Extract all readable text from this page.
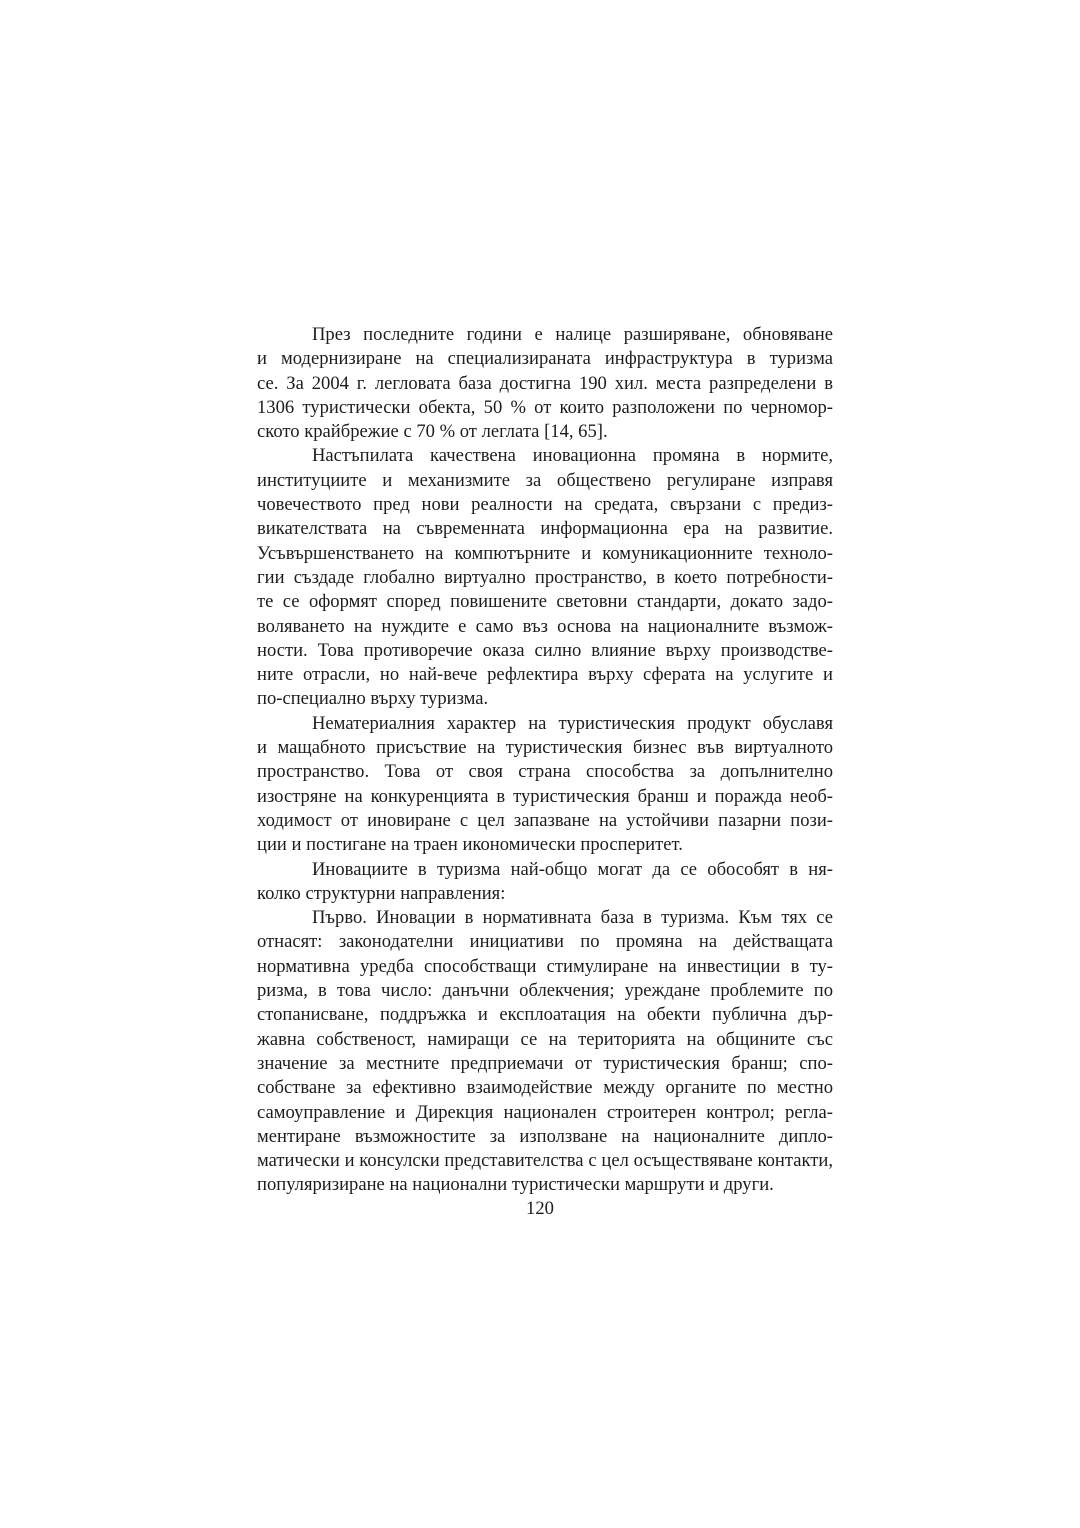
През последните години е налице разширяване, обновяване
и модернизиране на специализираната инфраструктура в туризма
се. За 2004 г. легловата база достигна 190 хил. места разпределени в
1306 туристически обекта, 50 % от които разположени по черномор-
ското крайбрежие с 70 % от леглата [14, 65].
Настъпилата качествена иновационна промяна в нормите,
институциите и механизмите за обществено регулиране изправя
човечеството пред нови реалности на средата, свързани с предиз-
викателствата на съвременната информационна ера на развитие.
Усъвършенстването на компютърните и комуникационните техноло-
гии създаде глобално виртуално пространство, в което потребности-
те се оформят според повишените световни стандарти, докато задо-
воляването на нуждите е само въз основа на националните възмож-
ности. Това противоречие оказа силно влияние върху производстве-
ните отрасли, но най-вече рефлектира върху сферата на услугите и
по-специално върху туризма.
Нематериалния характер на туристическия продукт обуславя
и мащабното присъствие на туристическия бизнес във виртуалното
пространство. Това от своя страна способства за допълнително
изостряне на конкуренцията в туристическия бранш и поражда необ-
ходимост от иновиране с цел запазване на устойчиви пазарни пози-
ции и постигане на траен икономически просперитет.
Иновациите в туризма най-общо могат да се обособят в ня-
колко структурни направления:
Първо. Иновации в нормативната база в туризма. Към тях се
отнасят: законодателни инициативи по промяна на действащата
нормативна уредба способстващи стимулиране на инвестиции в ту-
ризма, в това число: данъчни облекчения; уреждане проблемите по
стопанисване, поддръжка и експлоатация на обекти публична дър-
жавна собственост, намиращи се на територията на общините със
значение за местните предприемачи от туристическия бранш; спо-
собстване за ефективно взаимодействие между органите по местно
самоуправление и Дирекция национален строитерен контрол; регла-
ментиране възможностите за използване на националните дипло-
матически и консулски представителства с цел осъществяване контакти,
популяризиране на национални туристически маршрути и други.
120
